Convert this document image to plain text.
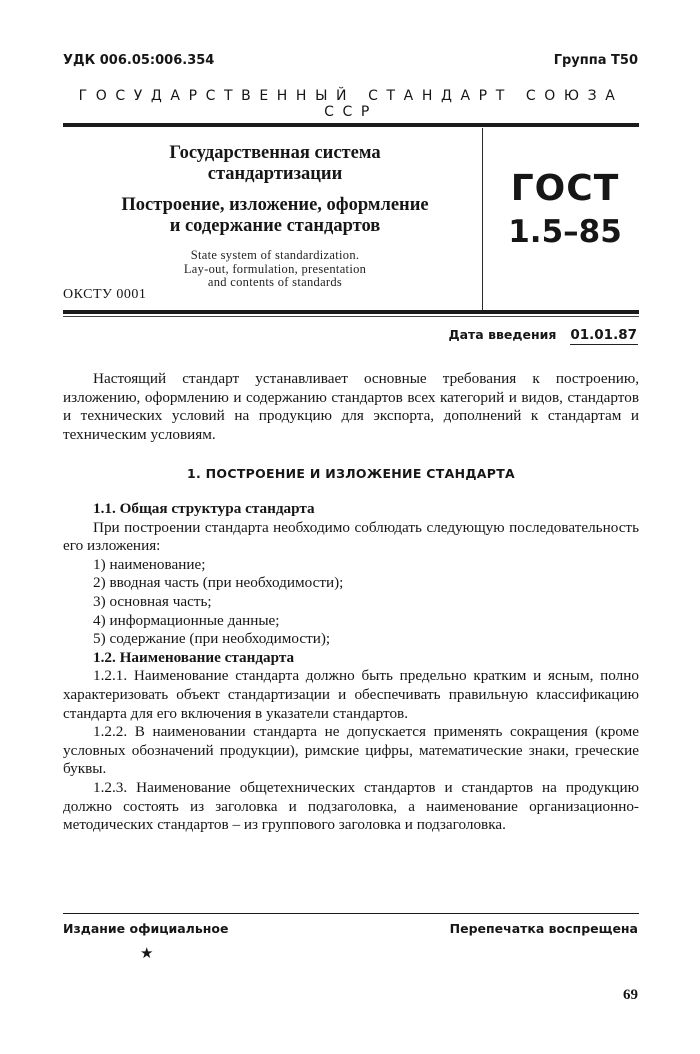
УДК 006.05:006.354	Группа Т50
ГОСУДАРСТВЕННЫЙ СТАНДАРТ СОЮЗА ССР
Государственная система
стандартизации
Построение, изложение, оформление
и содержание стандартов
State system of standardization.
Lay-out, formulation, presentation
and contents of standards
ОКСТУ 0001
ГОСТ
1.5–85
Дата введения 01.01.87
Настоящий стандарт устанавливает основные требования к построению, изложению, оформлению и содержанию стандартов всех категорий и видов, стандартов и технических условий на продукцию для экспорта, дополнений к стандартам и техническим условиям.
1. ПОСТРОЕНИЕ И ИЗЛОЖЕНИЕ СТАНДАРТА

1.1. Общая структура стандарта

При построении стандарта необходимо соблюдать следующую последовательность его изложения:

1) наименование;

2) вводная часть (при необходимости);

3) основная часть;

4) информационные данные;

5) содержание (при необходимости);

1.2. Наименование стандарта

1.2.1. Наименование стандарта должно быть предельно кратким и ясным, полно характеризовать объект стандартизации и обеспечивать правильную классификацию стандарта для его включения в указатели стандартов.

1.2.2. В наименовании стандарта не допускается применять сокращения (кроме условных обозначений продукции), римские цифры, математические знаки, греческие буквы.

1.2.3. Наименование общетехнических стандартов и стандартов на продукцию должно состоять из заголовка и подзаголовка, а наименование организационно-методических стандартов – из группового заголовка и подзаголовка.

Издание официальное	Перепечатка воспрещена
★
69
